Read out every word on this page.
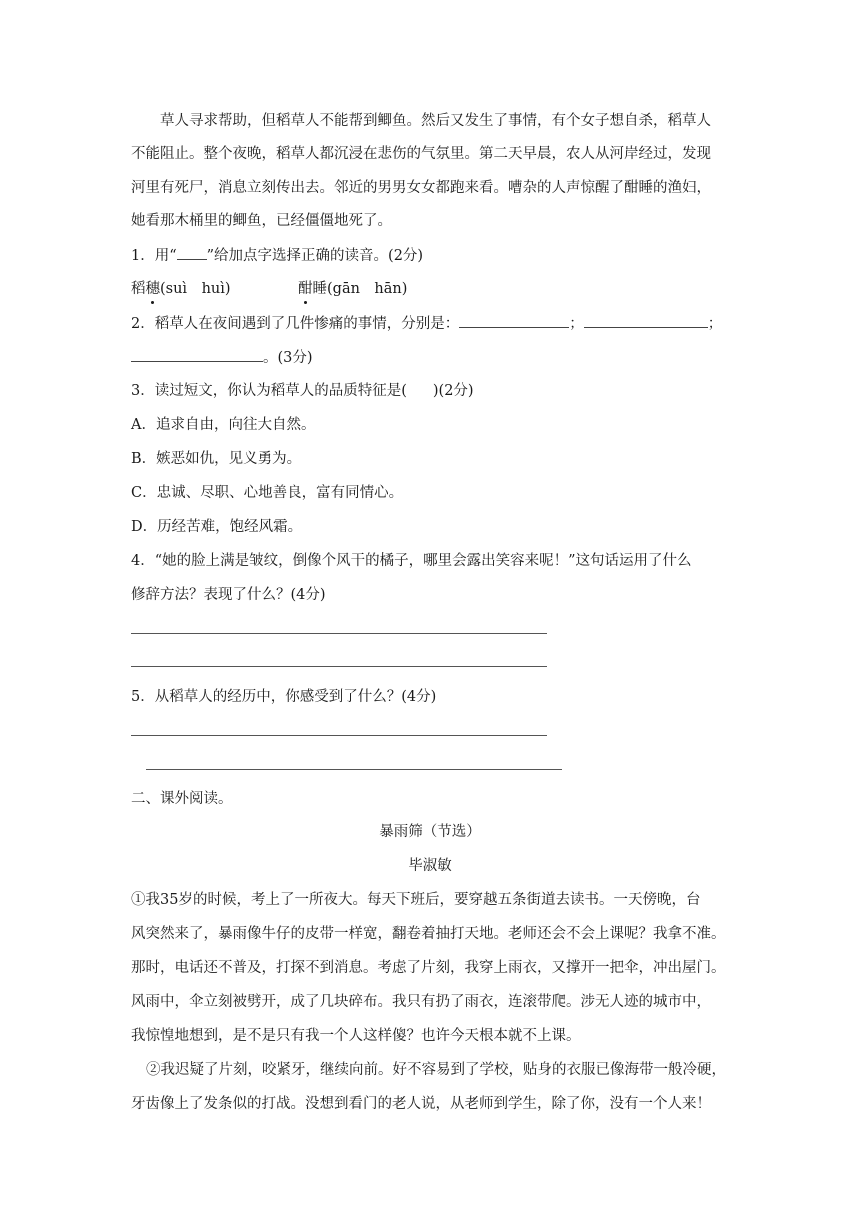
草人寻求帮助，但稻草人不能帮到鲫鱼。然后又发生了事情，有个女子想自杀，稻草人
不能阻止。整个夜晚，稻草人都沉浸在悲伤的气氛里。第二天早晨，农人从河岸经过，发现
河里有死尸，消息立刻传出去。邻近的男男女女都跑来看。嘈杂的人声惊醒了酣睡的渔妇，
她看那木桶里的鲫鱼，已经僵僵地死了。
1．用“ ”给加点字选择正确的读音。(2分)
稻穗(suì　huì)	酣睡(gān　hān)
2．稻草人在夜间遇到了几件惨痛的事情，分别是：	；	；
。(3分)
3．读过短文，你认为稻草人的品质特征是( )(2分)
A．追求自由，向往大自然。
B．嫉恶如仇，见义勇为。
C．忠诚、尽职、心地善良，富有同情心。
D．历经苦难，饱经风霜。
4．“她的脸上满是皱纹，倒像个风干的橘子，哪里会露出笑容来呢！”这句话运用了什么
修辞方法？表现了什么？(4分)
5．从稻草人的经历中，你感受到了什么？(4分)
二、课外阅读。
暴雨筛（节选）
毕淑敏
①我35岁的时候，考上了一所夜大。每天下班后，要穿越五条街道去读书。一天傍晚，台
风突然来了，暴雨像牛仔的皮带一样宽，翻卷着抽打天地。老师还会不会上课呢？我拿不准。
那时，电话还不普及，打探不到消息。考虑了片刻，我穿上雨衣，又撑开一把伞，冲出屋门。
风雨中，伞立刻被劈开，成了几块碎布。我只有扔了雨衣，连滚带爬。涉无人迹的城市中，
我惊惶地想到，是不是只有我一个人这样傻？也许今天根本就不上课。
②我迟疑了片刻，咬紧牙，继续向前。好不容易到了学校，贴身的衣服已像海带一般冷硬，
牙齿像上了发条似的打战。没想到看门的老人说，从老师到学生，除了你，没有一个人来！
